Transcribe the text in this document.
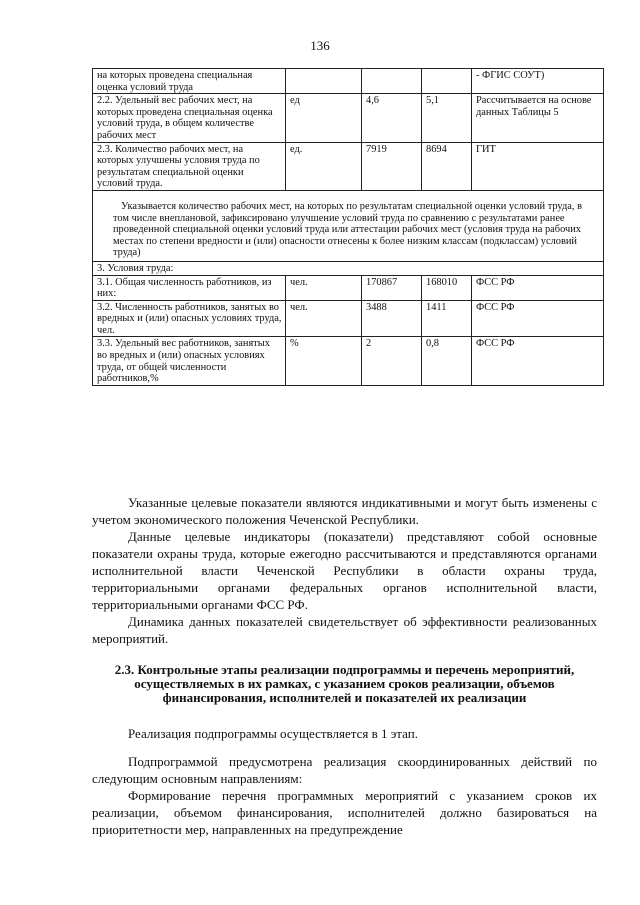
136
на которых проведена специальная оценка условий труда				- ФГИС СОУТ)
2.2. Удельный вес рабочих мест, на которых проведена специальная оценка условий труда, в общем количестве рабочих мест	ед	4,6	5,1	Рассчитывается на основе данных Таблицы 5
2.3. Количество рабочих мест, на которых улучшены условия труда по результатам специальной оценки условий труда.	ед.	7919	8694	ГИТ
Указывается количество рабочих мест, на которых по результатам специальной оценки условий труда, в том числе внеплановой, зафиксировано улучшение условий труда по сравнению с результатами ранее проведенной специальной оценки условий труда или аттестации рабочих мест (условия труда на рабочих местах по степени вредности и (или) опасности отнесены к более низким классам (подклассам) условий труда)				
3. Условия труда:				
3.1. Общая численность работников, из них:	чел.	170867	168010	ФСС РФ
3.2. Численность работников, занятых во вредных и (или) опасных условиях труда, чел.	чел.	3488	1411	ФСС РФ
3.3. Удельный вес работников, занятых во вредных и (или) опасных условиях труда, от общей численности работников,%	%	2	0,8	ФСС РФ

Указанные целевые показатели являются индикативными и могут быть изменены с учетом экономического положения Чеченской Республики.

Данные целевые индикаторы (показатели) представляют собой основные показатели охраны труда, которые ежегодно рассчитываются и представляются органами исполнительной власти Чеченской Республики в области охраны труда, территориальными органами федеральных органов исполнительной власти, территориальными органами ФСС РФ.

Динамика данных показателей свидетельствует об эффективности реализованных мероприятий.

2.3. Контрольные этапы реализации подпрограммы и перечень мероприятий, осуществляемых в их рамках, с указанием сроков реализации, объемов финансирования, исполнителей и показателей их реализации

Реализация подпрограммы осуществляется в 1 этап.

Подпрограммой предусмотрена реализация скоординированных действий по следующим основным направлениям:

Формирование перечня программных мероприятий с указанием сроков их реализации, объемом финансирования, исполнителей должно базироваться на приоритетности мер, направленных на предупреждение
